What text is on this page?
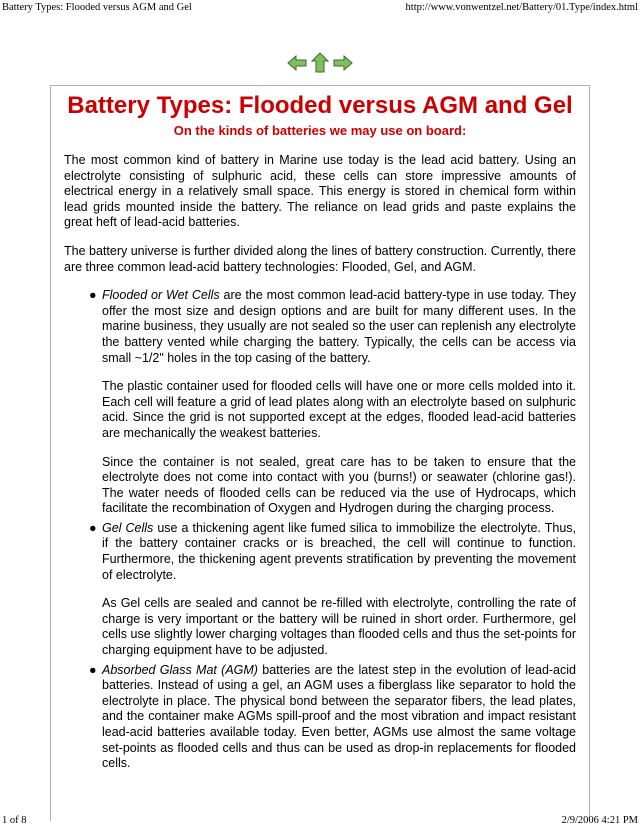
Battery Types: Flooded versus AGM and Gel	http://www.vonwentzel.net/Battery/01.Type/index.html
Battery Types: Flooded versus AGM and Gel
On the kinds of batteries we may use on board:

The most common kind of battery in Marine use today is the lead acid battery. Using an electrolyte consisting of sulphuric acid, these cells can store impressive amounts of electrical energy in a relatively small space. This energy is stored in chemical form within lead grids mounted inside the battery. The reliance on lead grids and paste explains the great heft of lead-acid batteries.

The battery universe is further divided along the lines of battery construction. Currently, there are three common lead-acid battery technologies: Flooded, Gel, and AGM.

● Flooded or Wet Cells are the most common lead-acid battery-type in use today. They offer the most size and design options and are built for many different uses. In the marine business, they usually are not sealed so the user can replenish any electrolyte the battery vented while charging the battery. Typically, the cells can be access via small ~1/2" holes in the top casing of the battery.

The plastic container used for flooded cells will have one or more cells molded into it. Each cell will feature a grid of lead plates along with an electrolyte based on sulphuric acid. Since the grid is not supported except at the edges, flooded lead-acid batteries are mechanically the weakest batteries.

Since the container is not sealed, great care has to be taken to ensure that the electrolyte does not come into contact with you (burns!) or seawater (chlorine gas!). The water needs of flooded cells can be reduced via the use of Hydrocaps, which facilitate the recombination of Oxygen and Hydrogen during the charging process.

● Gel Cells use a thickening agent like fumed silica to immobilize the electrolyte. Thus, if the battery container cracks or is breached, the cell will continue to function. Furthermore, the thickening agent prevents stratification by preventing the movement of electrolyte.

As Gel cells are sealed and cannot be re-filled with electrolyte, controlling the rate of charge is very important or the battery will be ruined in short order. Furthermore, gel cells use slightly lower charging voltages than flooded cells and thus the set-points for charging equipment have to be adjusted.

● Absorbed Glass Mat (AGM) batteries are the latest step in the evolution of lead-acid batteries. Instead of using a gel, an AGM uses a fiberglass like separator to hold the electrolyte in place. The physical bond between the separator fibers, the lead plates, and the container make AGMs spill-proof and the most vibration and impact resistant lead-acid batteries available today. Even better, AGMs use almost the same voltage set-points as flooded cells and thus can be used as drop-in replacements for flooded cells.

1 of 8	2/9/2006 4:21 PM
